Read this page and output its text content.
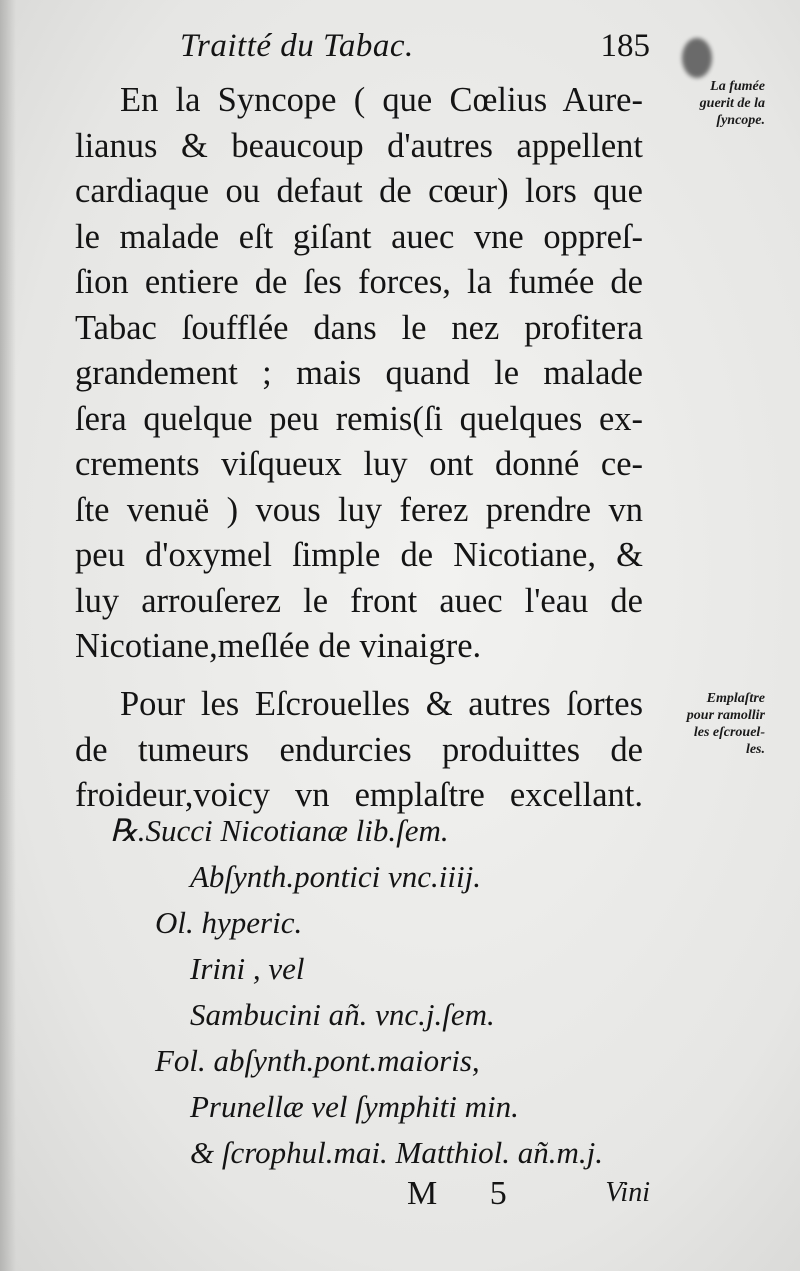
Traitté du Tabac.	185
En la Syncope ( que Cœlius Aure-
lianus & beaucoup d'autres appellent
cardiaque ou defaut de cœur) lors que
le malade eſt giſant auec vne oppreſ-
ſion entiere de ſes forces, la fumée de
Tabac ſoufflée dans le nez profitera
grandement ; mais quand le malade
ſera quelque peu remis(ſi quelques ex-
crements viſqueux luy ont donné ce-
ſte venuë ) vous luy ferez prendre vn
peu d'oxymel ſimple de Nicotiane, &
luy arrouſerez le front auec l'eau de
Nicotiane,meſlée de vinaigre.
La fumée
guerit de la
ſyncope.
Pour les Eſcrouelles & autres ſortes
de tumeurs endurcies produittes de
froideur,voicy vn emplaſtre excellant.
Emplaſtre
pour ramollir
les eſcrouel-
les.
℞.Succi Nicotianæ lib.ſem.
Abſynth.pontici vnc.iiij.
Ol. hyperic.
Irini , vel
Sambucini añ. vnc.j.ſem.
Fol. abſynth.pont.maioris,
Prunellæ vel ſymphiti min.
& ſcrophul.mai. Matthiol. añ.m.j.
M 5	Vini
